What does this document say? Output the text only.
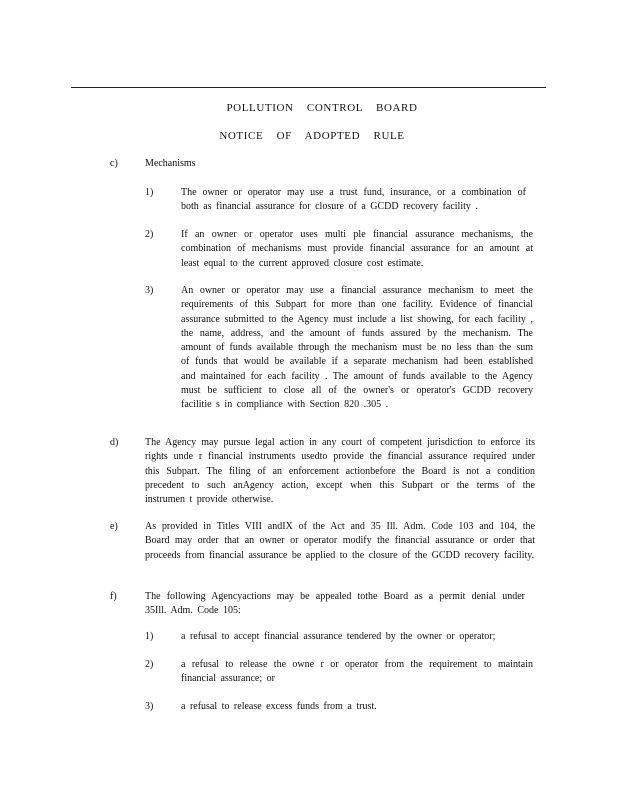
POLLUTION CONTROL BOARD
NOTICE OF ADOPTED RULE
c)	Mechanisms
1)	The owner or operator may use a trust fund, insurance, or a combination of both as financial assurance for closure of a GCDD recovery facility .
2)	If an owner or operator uses multi ple financial assurance mechanisms, the combination of mechanisms must provide financial assurance for an amount at least equal to the current approved closure cost estimate.
3)	An owner or operator may use a financial assurance mechanism to meet the requirements of this Subpart for more than one facility. Evidence of financial assurance submitted to the Agency must include a list showing, for each facility , the name, address, and the amount of funds assured by the mechanism. The amount of funds available through the mechanism must be no less than the sum of funds that would be available if a separate mechanism had been established and maintained for each facility . The amount of funds available to the Agency must be sufficient to close all of the owner's or operator's GCDD recovery facilitie s in compliance with Section 820 .305 .
d)	The Agency may pursue legal action in any court of competent jurisdiction to enforce its rights unde r financial instruments usedto provide the financial assurance required under this Subpart. The filing of an enforcement actionbefore the Board is not a condition precedent to such anAgency action, except when this Subpart or the terms of the instrumen t provide otherwise.
e)	As provided in Titles VIII andIX of the Act and 35 Ill. Adm. Code 103 and 104, the Board may order that an owner or operator modify the financial assurance or order that proceeds from financial assurance be applied to the closure of the GCDD recovery facility.
f)	The following Agencyactions may be appealed tothe Board as a permit denial under 35Ill. Adm. Code 105:
1)	a refusal to accept financial assurance tendered by the owner or operator;
2)	a refusal to release the owne r or operator from the requirement to maintain financial assurance; or
3)	a refusal to release excess funds from a trust.
